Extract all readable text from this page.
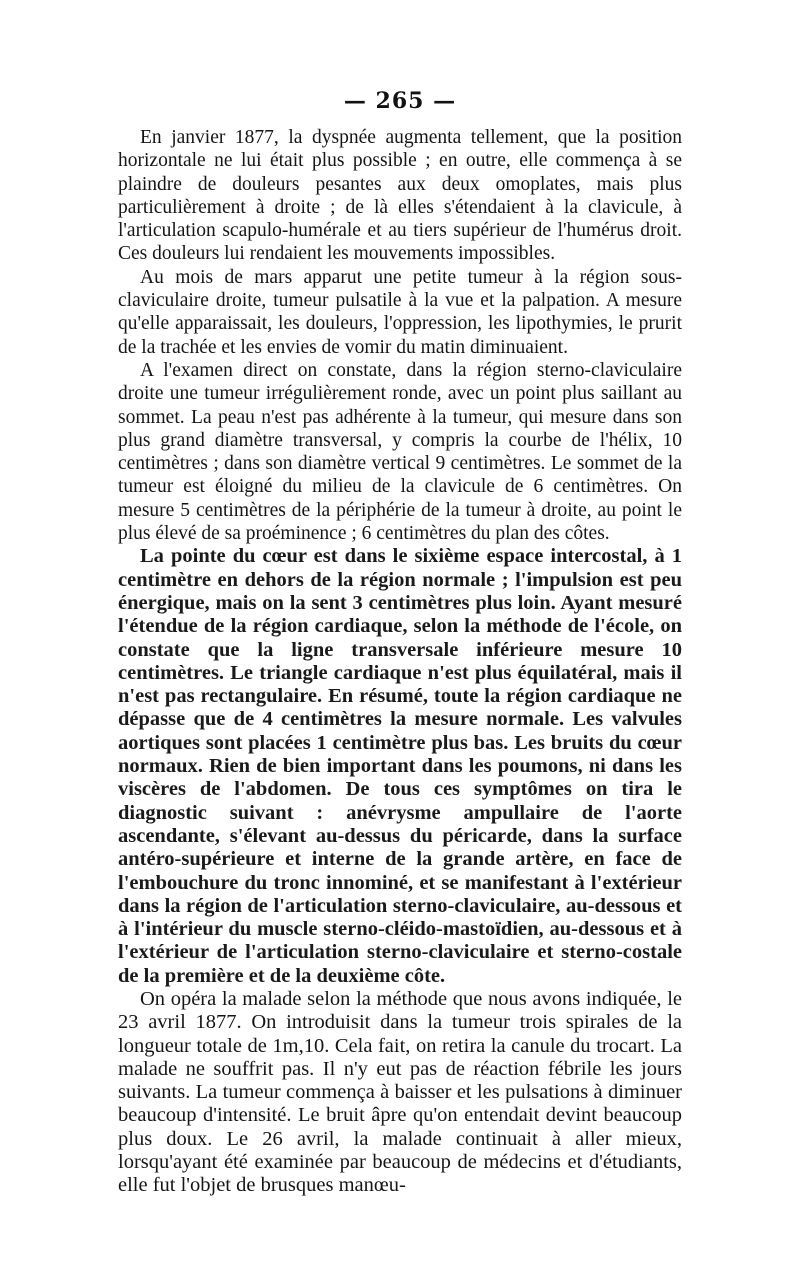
— 265 —

En janvier 1877, la dyspnée augmenta tellement, que la position horizontale ne lui était plus possible ; en outre, elle commença à se plaindre de douleurs pesantes aux deux omoplates, mais plus particulièrement à droite ; de là elles s'étendaient à la clavicule, à l'articulation scapulo-humérale et au tiers supérieur de l'humérus droit. Ces douleurs lui rendaient les mouvements impossibles.

Au mois de mars apparut une petite tumeur à la région sous-claviculaire droite, tumeur pulsatile à la vue et la palpation. A mesure qu'elle apparaissait, les douleurs, l'oppression, les lipothymies, le prurit de la trachée et les envies de vomir du matin diminuaient.

A l'examen direct on constate, dans la région sterno-claviculaire droite une tumeur irrégulièrement ronde, avec un point plus saillant au sommet. La peau n'est pas adhérente à la tumeur, qui mesure dans son plus grand diamètre transversal, y compris la courbe de l'hélix, 10 centimètres ; dans son diamètre vertical 9 centimètres. Le sommet de la tumeur est éloigné du milieu de la clavicule de 6 centimètres. On mesure 5 centimètres de la périphérie de la tumeur à droite, au point le plus élevé de sa proéminence ; 6 centimètres du plan des côtes.

La pointe du cœur est dans le sixième espace intercostal, à 1 centimètre en dehors de la région normale ; l'impulsion est peu énergique, mais on la sent 3 centimètres plus loin. Ayant mesuré l'étendue de la région cardiaque, selon la méthode de l'école, on constate que la ligne transversale inférieure mesure 10 centimètres. Le triangle cardiaque n'est plus équilatéral, mais il n'est pas rectangulaire. En résumé, toute la région cardiaque ne dépasse que de 4 centimètres la mesure normale. Les valvules aortiques sont placées 1 centimètre plus bas. Les bruits du cœur normaux. Rien de bien important dans les poumons, ni dans les viscères de l'abdomen. De tous ces symptômes on tira le diagnostic suivant : anévrysme ampullaire de l'aorte ascendante, s'élevant au-dessus du péricarde, dans la surface antéro-supérieure et interne de la grande artère, en face de l'embouchure du tronc innominé, et se manifestant à l'extérieur dans la région de l'articulation sterno-claviculaire, au-dessous et à l'intérieur du muscle sterno-cléido-mastoïdien, au-dessous et à l'extérieur de l'articulation sterno-claviculaire et sterno-costale de la première et de la deuxième côte.

On opéra la malade selon la méthode que nous avons indiquée, le 23 avril 1877. On introduisit dans la tumeur trois spirales de la longueur totale de 1m,10. Cela fait, on retira la canule du trocart. La malade ne souffrit pas. Il n'y eut pas de réaction fébrile les jours suivants. La tumeur commença à baisser et les pulsations à diminuer beaucoup d'intensité. Le bruit âpre qu'on entendait devint beaucoup plus doux. Le 26 avril, la malade continuait à aller mieux, lorsqu'ayant été examinée par beaucoup de médecins et d'étudiants, elle fut l'objet de brusques manœu-
